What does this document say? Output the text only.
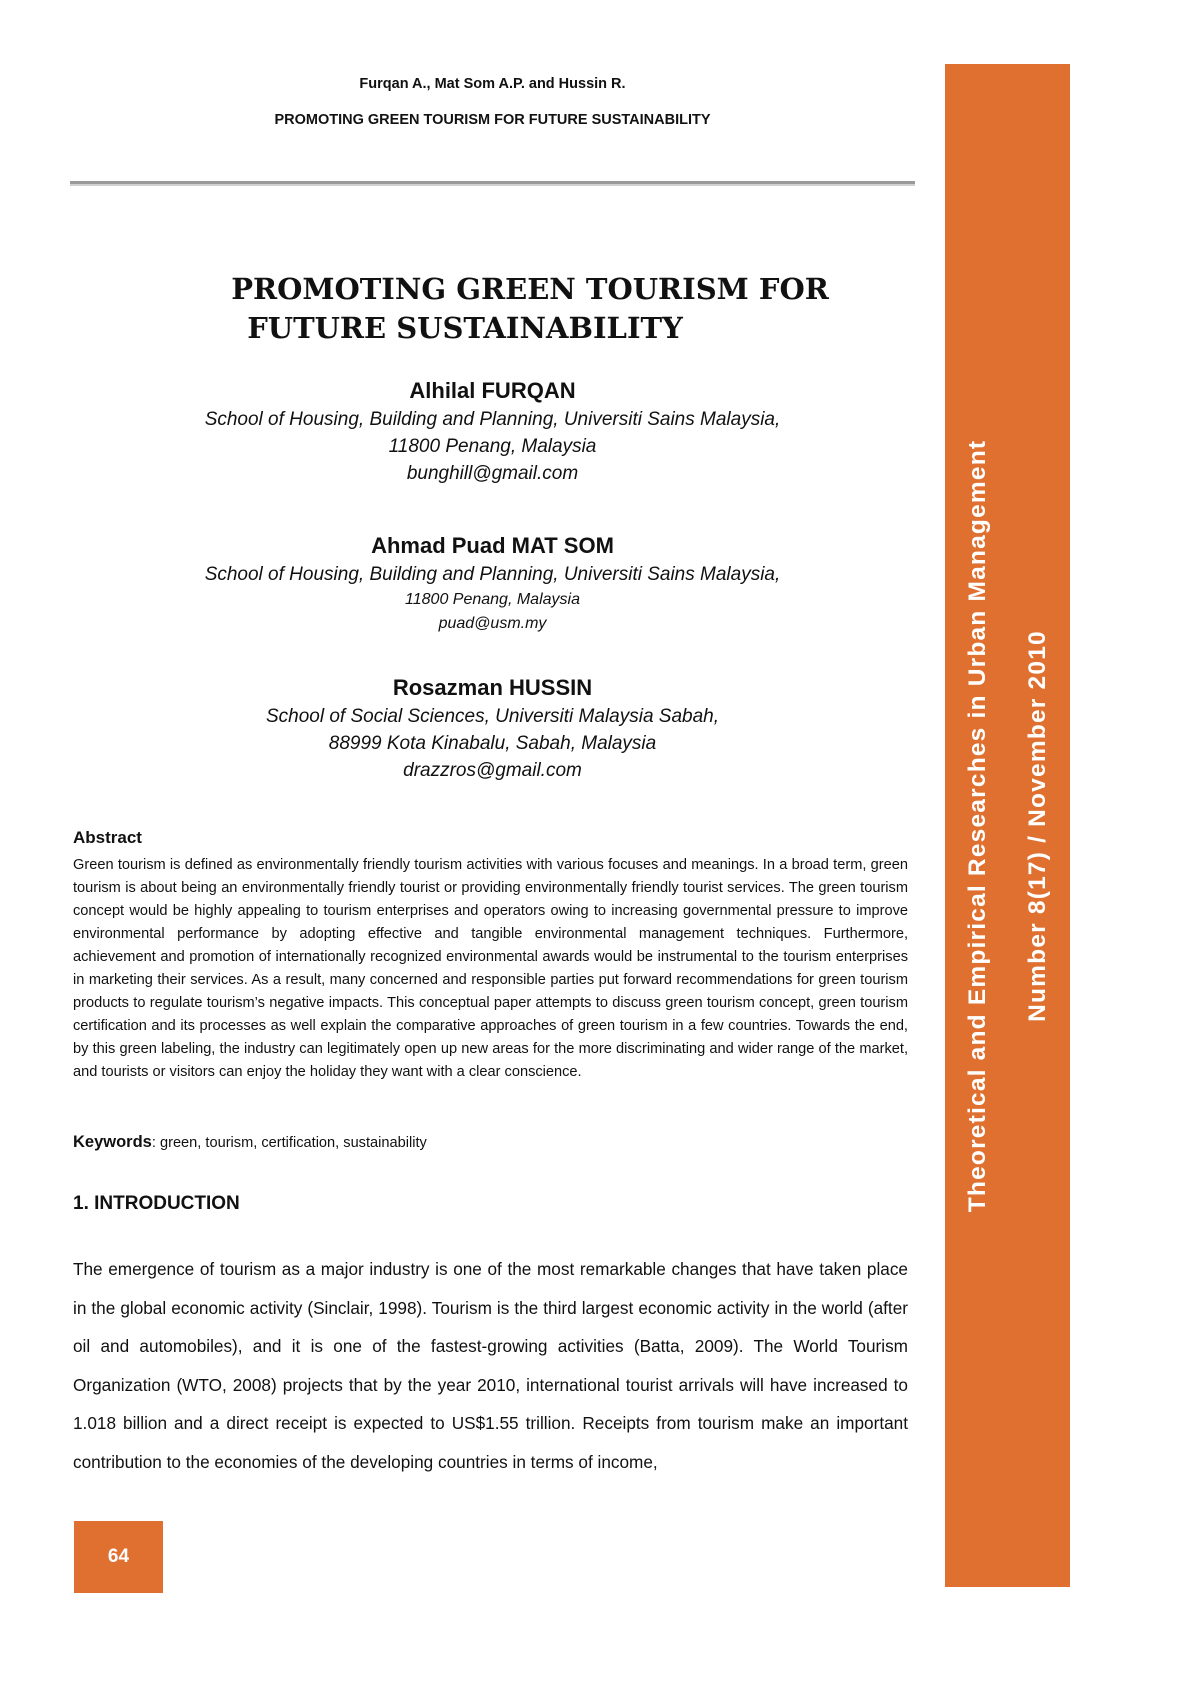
Furqan A., Mat Som A.P. and Hussin R.
PROMOTING GREEN TOURISM FOR FUTURE SUSTAINABILITY
PROMOTING GREEN TOURISM FOR
FUTURE SUSTAINABILITY
Alhilal FURQAN
School of Housing, Building and Planning, Universiti Sains Malaysia,
11800 Penang, Malaysia
bunghill@gmail.com
Ahmad Puad MAT SOM
School of Housing, Building and Planning, Universiti Sains Malaysia,
11800 Penang, Malaysia
puad@usm.my
Rosazman HUSSIN
School of Social Sciences, Universiti Malaysia Sabah,
88999 Kota Kinabalu, Sabah, Malaysia
drazzros@gmail.com
Abstract

Green tourism is defined as environmentally friendly tourism activities with various focuses and meanings. In a broad term, green tourism is about being an environmentally friendly tourist or providing environmentally friendly tourist services. The green tourism concept would be highly appealing to tourism enterprises and operators owing to increasing governmental pressure to improve environmental performance by adopting effective and tangible environmental management techniques. Furthermore, achievement and promotion of internationally recognized environmental awards would be instrumental to the tourism enterprises in marketing their services. As a result, many concerned and responsible parties put forward recommendations for green tourism products to regulate tourism’s negative impacts. This conceptual paper attempts to discuss green tourism concept, green tourism certification and its processes as well explain the comparative approaches of green tourism in a few countries. Towards the end, by this green labeling, the industry can legitimately open up new areas for the more discriminating and wider range of the market, and tourists or visitors can enjoy the holiday they want with a clear conscience.

Keywords: green, tourism, certification, sustainability
1. INTRODUCTION

The emergence of tourism as a major industry is one of the most remarkable changes that have taken place in the global economic activity (Sinclair, 1998). Tourism is the third largest economic activity in the world (after oil and automobiles), and it is one of the fastest-growing activities (Batta, 2009). The World Tourism Organization (WTO, 2008) projects that by the year 2010, international tourist arrivals will have increased to 1.018 billion and a direct receipt is expected to US$1.55 trillion. Receipts from tourism make an important contribution to the economies of the developing countries in terms of income,

64
Theoretical and Empirical Researches in Urban Management	Number 8(17) / November 2010
